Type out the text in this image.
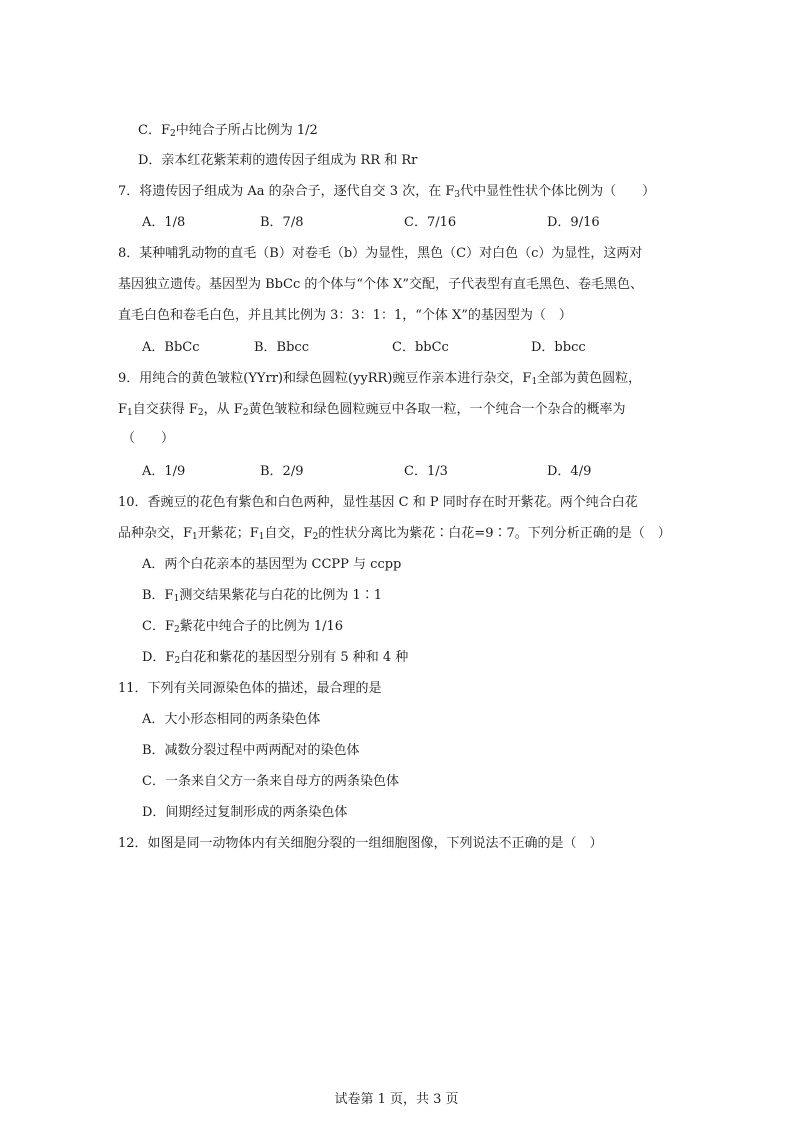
C．$F_2$中纯合子所占比例为 1/2
D．亲本红花紫茉莉的遗传因子组成为 RR 和 Rr
7．将遗传因子组成为 Aa 的杂合子，逐代自交 3 次，在 $F_3$代中显性性状个体比例为（　　）
A．1/8	B．7/8	C．7/16	D．9/16
8．某种哺乳动物的直毛（B）对卷毛（b）为显性，黑色（C）对白色（c）为显性，这两对
基因独立遗传。基因型为 BbCc 的个体与“个体 X”交配，子代表型有直毛黑色、卷毛黑色、
直毛白色和卷毛白色，并且其比例为 3：3：1：1，“个体 X”的基因型为（　）
A．BbCc	B．Bbcc	C．bbCc	D．bbcc
9．用纯合的黄色皱粒(YYrr)和绿色圆粒(yyRR)豌豆作亲本进行杂交，$F_1$全部为黄色圆粒，
$F_1$自交获得 $F_2$，从 $F_2$黄色皱粒和绿色圆粒豌豆中各取一粒，一个纯合一个杂合的概率为
（　　）
A．1/9	B．2/9	C．1/3	D．4/9
10．香豌豆的花色有紫色和白色两种，显性基因 C 和 P 同时存在时开紫花。两个纯合白花
品种杂交，$F_1$开紫花；$F_1$自交，$F_2$的性状分离比为紫花∶白花=9∶7。下列分析正确的是（　）
A．两个白花亲本的基因型为 CCPP 与 ccpp
B．$F_1$测交结果紫花与白花的比例为 1∶1
C．$F_2$紫花中纯合子的比例为 1/16
D．$F_2$白花和紫花的基因型分别有 5 种和 4 种
11．下列有关同源染色体的描述，最合理的是
A．大小形态相同的两条染色体
B．减数分裂过程中两两配对的染色体
C．一条来自父方一条来自母方的两条染色体
D．间期经过复制形成的两条染色体
12．如图是同一动物体内有关细胞分裂的一组细胞图像，下列说法不正确的是（　）
试卷第 1 页，共 3 页
